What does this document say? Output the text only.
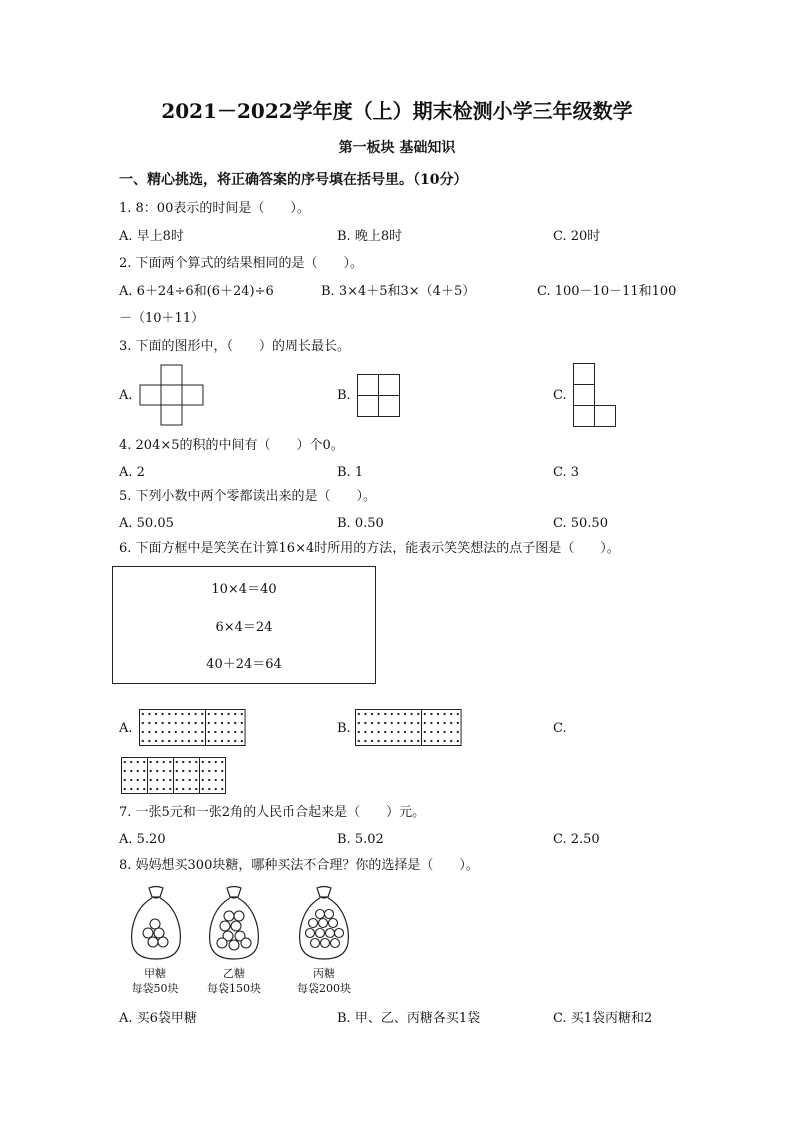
2021－2022学年度（上）期末检测小学三年级数学
第一板块 基础知识
一、精心挑选，将正确答案的序号填在括号里。（10分）
1. 8：00表示的时间是（　　）。
A. 早上8时	B. 晚上8时	C. 20时
2. 下面两个算式的结果相同的是（　　）。
A. 6＋24÷6和(6＋24)÷6	B. 3×4＋5和3×（4＋5）	C. 100－10－11和100
－（10＋11）
3. 下面的图形中，（　　）的周长最长。
A.	B.	C.
4. 204×5的积的中间有（　　）个0。
A. 2	B. 1	C. 3
5. 下列小数中两个零都读出来的是（　　）。
A. 50.05	B. 0.50	C. 50.50
6. 下面方框中是笑笑在计算16×4时所用的方法，能表示笑笑想法的点子图是（　　）。
10×4＝40
6×4＝24
40＋24＝64
A.	B.	C.
7. 一张5元和一张2角的人民币合起来是（　　）元。
A. 5.20	B. 5.02	C. 2.50
8. 妈妈想买300块糖，哪种买法不合理？你的选择是（　　）。
甲糖
每袋50块
乙糖
每袋150块
丙糖
每袋200块
A. 买6袋甲糖	B. 甲、乙、丙糖各买1袋	C. 买1袋丙糖和2
